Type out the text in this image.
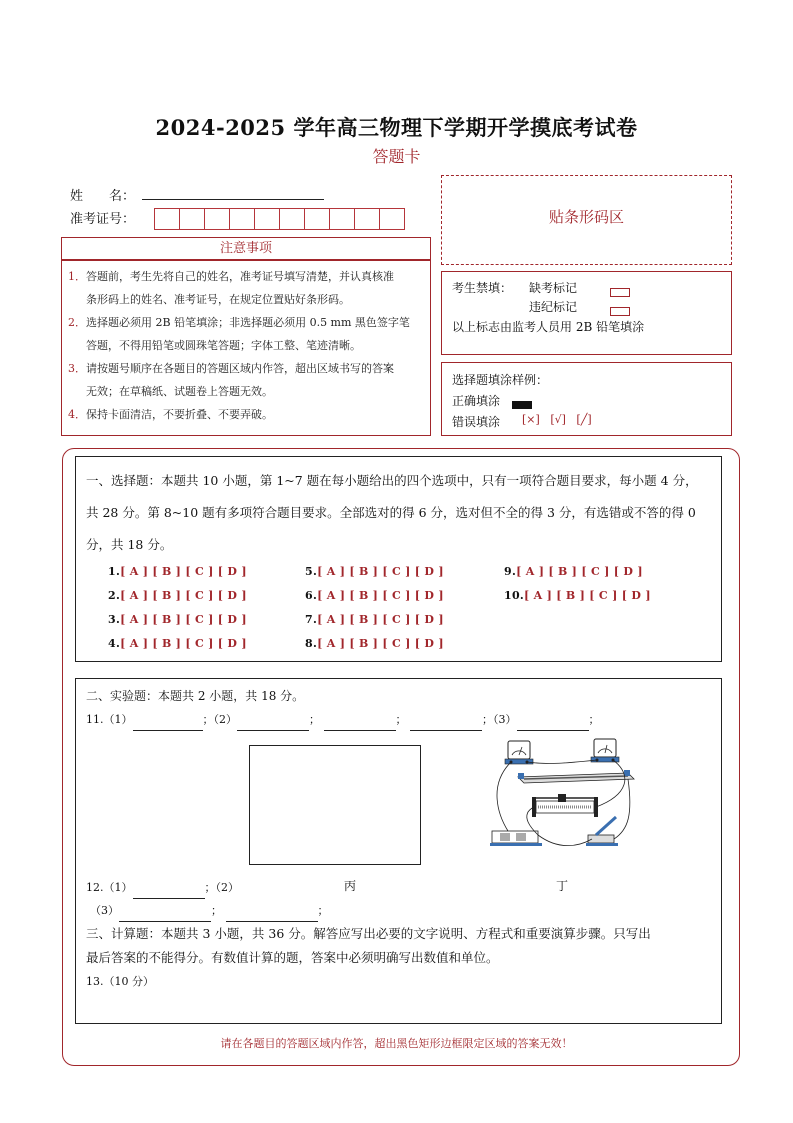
2024-2025 学年高三物理下学期开学摸底考试卷
答题卡
姓　　名：
准考证号：	贴条形码区
注意事项
1．答题前，考生先将自己的姓名，准考证号填写清楚，并认真核准
条形码上的姓名、准考证号，在规定位置贴好条形码。
2．选择题必须用 2B 铅笔填涂；非选择题必须用 0.5 mm 黑色签字笔
答题，不得用铅笔或圆珠笔答题；字体工整、笔迹清晰。
3．请按题号顺序在各题目的答题区域内作答，超出区域书写的答案
无效；在草稿纸、试题卷上答题无效。
4．保持卡面清洁，不要折叠、不要弄破。
考生禁填： 缺考标记
违纪标记
以上标志由监考人员用 2B 铅笔填涂
选择题填涂样例：
正确填涂
错误填涂 [×] [√] [╱]
一、选择题：本题共 10 小题，第 1~7 题在每小题给出的四个选项中，只有一项符合题目要求，每小题 4 分，
共 28 分。第 8~10 题有多项符合题目要求。全部选对的得 6 分，选对但不全的得 3 分，有选错或不答的得 0
分，共 18 分。
1.[ A ] [ B ] [ C ] [ D ]
2.[ A ] [ B ] [ C ] [ D ]
3.[ A ] [ B ] [ C ] [ D ]
4.[ A ] [ B ] [ C ] [ D ]
5.[ A ] [ B ] [ C ] [ D ]
6.[ A ] [ B ] [ C ] [ D ]
7.[ A ] [ B ] [ C ] [ D ]
8.[ A ] [ B ] [ C ] [ D ]
9.[ A ] [ B ] [ C ] [ D ]
10.[ A ] [ B ] [ C ] [ D ]
二、实验题：本题共 2 小题，共 18 分。
11.（1）	；（2）	；	；	；（3）	；
丙	丁
12.（1）	；（2）
（3）	；	；
三、计算题：本题共 3 小题，共 36 分。解答应写出必要的文字说明、方程式和重要演算步骤。只写出
最后答案的不能得分。有数值计算的题，答案中必须明确写出数值和单位。
13.（10 分）
请在各题目的答题区域内作答，超出黑色矩形边框限定区域的答案无效！
